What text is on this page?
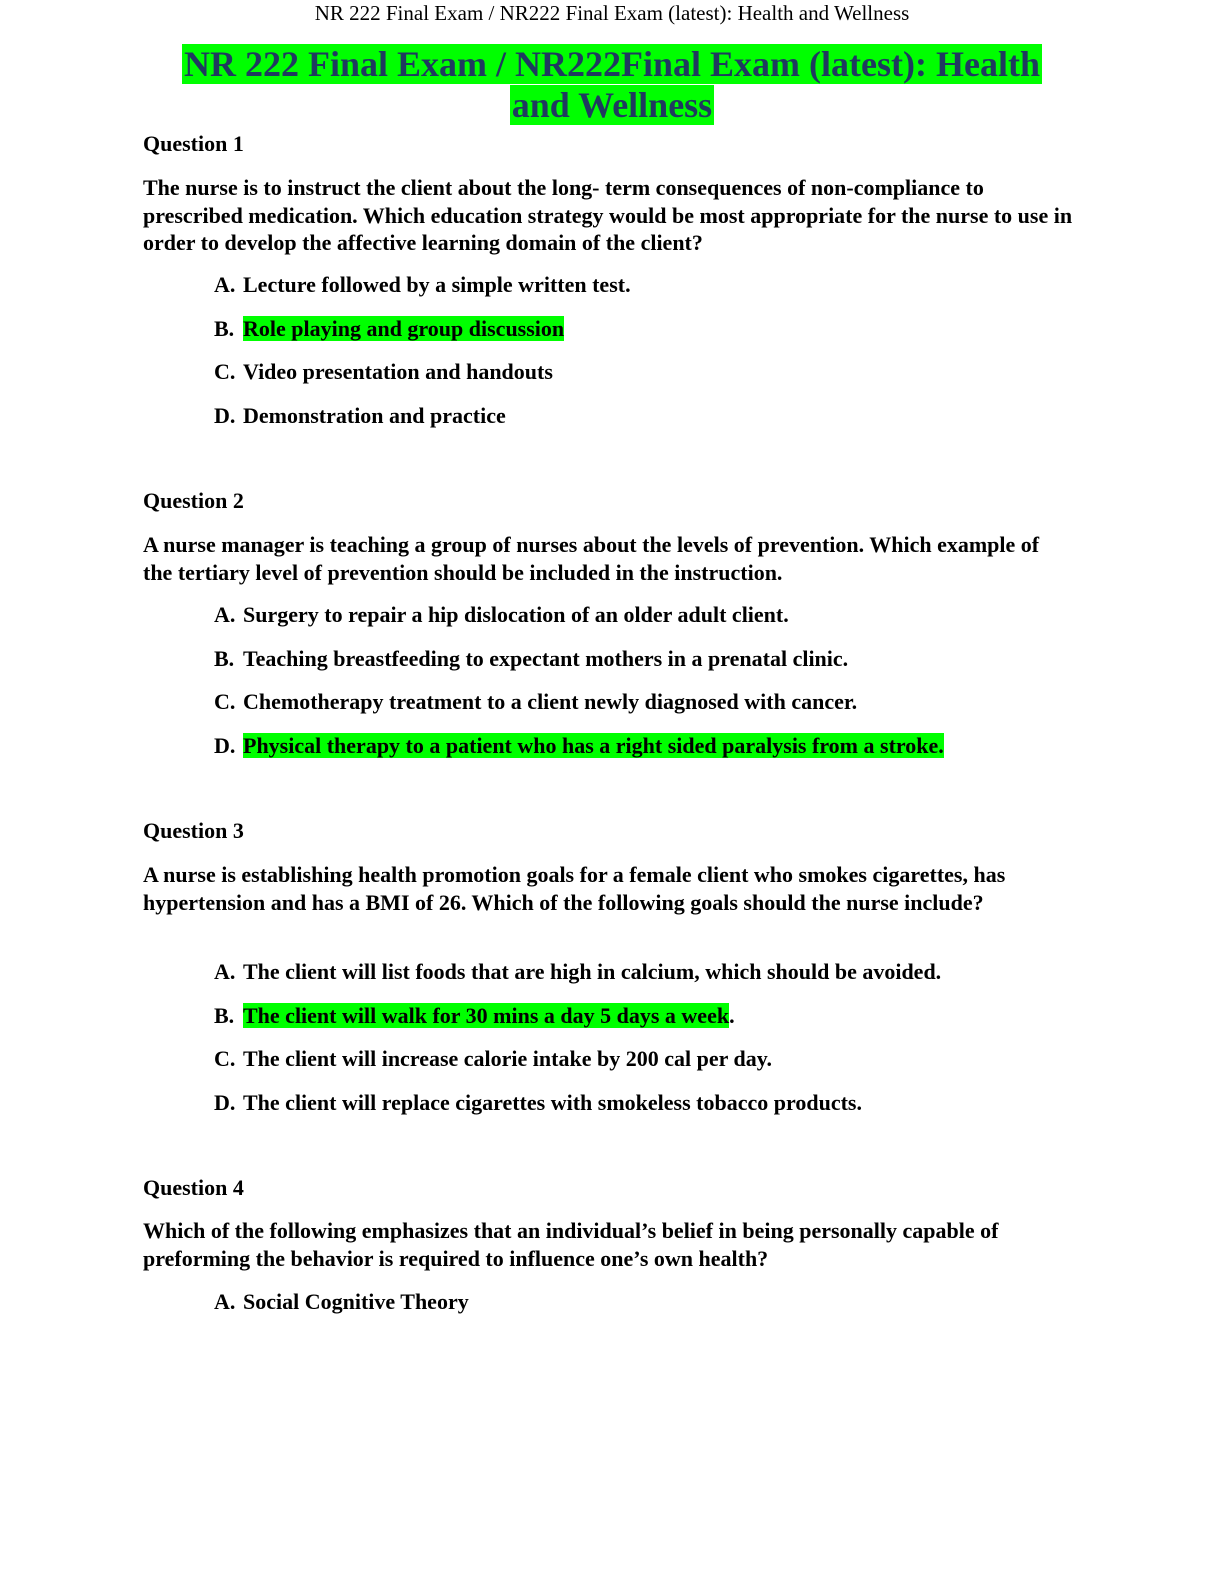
NR 222 Final Exam / NR222 Final Exam (latest): Health and Wellness
NR 222 Final Exam / NR222Final Exam (latest): Health
and Wellness

Question 1

The nurse is to instruct the client about the long- term consequences of non-compliance to prescribed medication. Which education strategy would be most appropriate for the nurse to use in order to develop the affective learning domain of the client?

A. Lecture followed by a simple written test.
B. Role playing and group discussion
C. Video presentation and handouts
D. Demonstration and practice

Question 2

A nurse manager is teaching a group of nurses about the levels of prevention. Which example of the tertiary level of prevention should be included in the instruction.

A. Surgery to repair a hip dislocation of an older adult client.
B. Teaching breastfeeding to expectant mothers in a prenatal clinic.
C. Chemotherapy treatment to a client newly diagnosed with cancer.
D. Physical therapy to a patient who has a right sided paralysis from a stroke.

Question 3

A nurse is establishing health promotion goals for a female client who smokes cigarettes, has hypertension and has a BMI of 26. Which of the following goals should the nurse include?

A. The client will list foods that are high in calcium, which should be avoided.
B. The client will walk for 30 mins a day 5 days a week.
C. The client will increase calorie intake by 200 cal per day.
D. The client will replace cigarettes with smokeless tobacco products.

Question 4

Which of the following emphasizes that an individual’s belief in being personally capable of preforming the behavior is required to influence one’s own health?

A. Social Cognitive Theory
